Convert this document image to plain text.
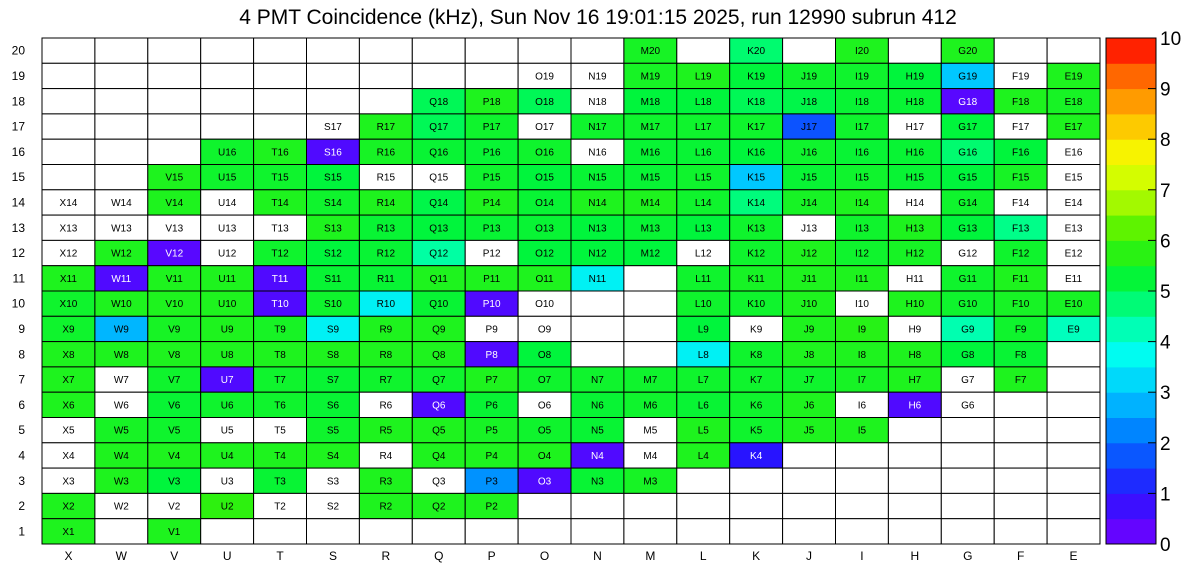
4 PMT Coincidence (kHz), Sun Nov 16 19:01:15 2025, run 12990 subrun 412
M20	K20	I20	G20
O19	N19	M19	L19	K19	J19	I19	H19	G19	F19	E19
Q18	P18	O18	N18	M18	L18	K18	J18	I18	H18	G18	F18	E18
S17	R17	Q17	P17	O17	N17	M17	L17	K17	J17	I17	H17	G17	F17	E17
U16	T16	S16	R16	Q16	P16	O16	N16	M16	L16	K16	J16	I16	H16	G16	F16	E16
V15	U15	T15	S15	R15	Q15	P15	O15	N15	M15	L15	K15	J15	I15	H15	G15	F15	E15
X14	W14	V14	U14	T14	S14	R14	Q14	P14	O14	N14	M14	L14	K14	J14	I14	H14	G14	F14	E14
X13	W13	V13	U13	T13	S13	R13	Q13	P13	O13	N13	M13	L13	K13	J13	I13	H13	G13	F13	E13
X12	W12	V12	U12	T12	S12	R12	Q12	P12	O12	N12	M12	L12	K12	J12	I12	H12	G12	F12	E12
X11	W11	V11	U11	T11	S11	R11	Q11	P11	O11	N11	L11	K11	J11	I11	H11	G11	F11	E11
X10	W10	V10	U10	T10	S10	R10	Q10	P10	O10	L10	K10	J10	I10	H10	G10	F10	E10
X9	W9	V9	U9	T9	S9	R9	Q9	P9	O9	L9	K9	J9	I9	H9	G9	F9	E9
X8	W8	V8	U8	T8	S8	R8	Q8	P8	O8	L8	K8	J8	I8	H8	G8	F8
X7	W7	V7	U7	T7	S7	R7	Q7	P7	O7	N7	M7	L7	K7	J7	I7	H7	G7	F7
X6	W6	V6	U6	T6	S6	R6	Q6	P6	O6	N6	M6	L6	K6	J6	I6	H6	G6
X5	W5	V5	U5	T5	S5	R5	Q5	P5	O5	N5	M5	L5	K5	J5	I5
X4	W4	V4	U4	T4	S4	R4	Q4	P4	O4	N4	M4	L4	K4
X3	W3	V3	U3	T3	S3	R3	Q3	P3	O3	N3	M3
X2	W2	V2	U2	T2	S2	R2	Q2	P2
X1	V1
X	W	V	U	T	S	R	Q	P	O	N	M	L	K	J	I	H	G	F	E
20
19
18
17
16
15
14
13
12
11
10
9
8
7
6
5
4
3
2
1
0
1
2
3
4
5
6
7
8
9
10
